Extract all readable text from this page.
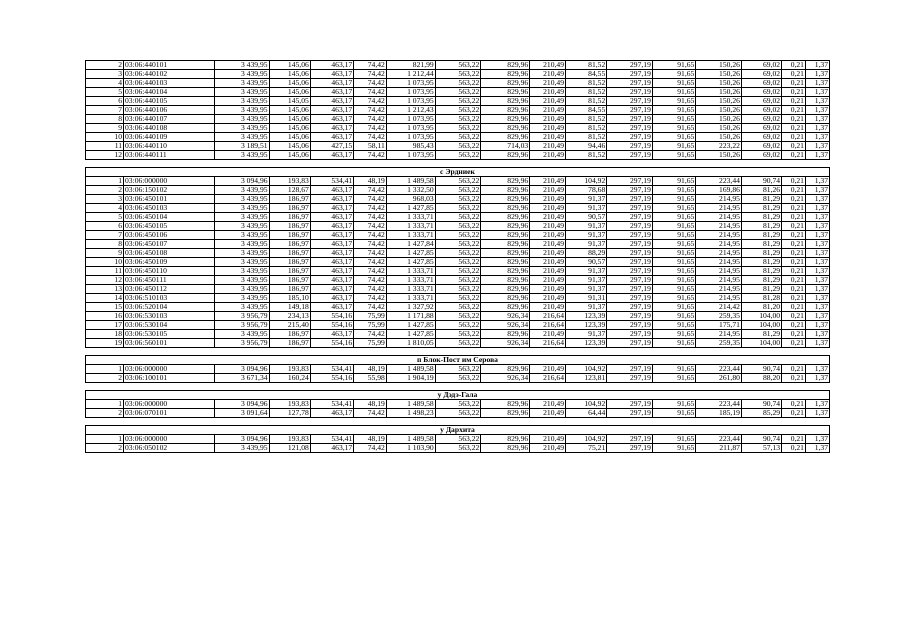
2	03:06:440101	3 439,95	145,06	463,17	74,42	821,99	563,22	829,96	210,49	81,52	297,19	91,65	150,26	69,02	0,21	1,37
3	03:06:440102	3 439,95	145,06	463,17	74,42	1 212,44	563,22	829,96	210,49	84,55	297,19	91,65	150,26	69,02	0,21	1,37
4	03:06:440103	3 439,95	145,06	463,17	74,42	1 073,95	563,22	829,96	210,49	81,52	297,19	91,65	150,26	69,02	0,21	1,37
5	03:06:440104	3 439,95	145,06	463,17	74,42	1 073,95	563,22	829,96	210,49	81,52	297,19	91,65	150,26	69,02	0,21	1,37
6	03:06:440105	3 439,95	145,05	463,17	74,42	1 073,95	563,22	829,96	210,49	81,52	297,19	91,65	150,26	69,02	0,21	1,37
7	03:06:440106	3 439,95	145,06	463,17	74,42	1 212,43	563,22	829,96	210,49	84,55	297,19	91,65	150,26	69,02	0,21	1,37
8	03:06:440107	3 439,95	145,06	463,17	74,42	1 073,95	563,22	829,96	210,49	81,52	297,19	91,65	150,26	69,02	0,21	1,37
9	03:06:440108	3 439,95	145,06	463,17	74,42	1 073,95	563,22	829,96	210,49	81,52	297,19	91,65	150,26	69,02	0,21	1,37
10	03:06:440109	3 439,95	145,06	463,17	74,42	1 073,95	563,22	829,96	210,49	81,52	297,19	91,65	150,26	69,02	0,21	1,37
11	03:06:440110	3 189,51	145,06	427,15	58,11	985,43	563,22	714,03	210,49	94,46	297,19	91,65	223,22	69,02	0,21	1,37
12	03:06:440111	3 439,95	145,06	463,17	74,42	1 073,95	563,22	829,96	210,49	81,52	297,19	91,65	150,26	69,02	0,21	1,37

с Эрдниек																
1	03:06:000000	3 094,96	193,83	534,41	48,19	1 489,58	563,22	829,96	210,49	104,92	297,19	91,65	223,44	90,74	0,21	1,37
2	03:06:150102	3 439,95	128,67	463,17	74,42	1 332,50	563,22	829,96	210,49	78,68	297,19	91,65	169,86	81,26	0,21	1,37
3	03:06:450101	3 439,95	186,97	463,17	74,42	968,03	563,22	829,96	210,49	91,37	297,19	91,65	214,95	81,29	0,21	1,37
4	03:06:450103	3 439,95	186,97	463,17	74,42	1 427,85	563,22	829,96	210,49	91,37	297,19	91,65	214,95	81,29	0,21	1,37
5	03:06:450104	3 439,95	186,97	463,17	74,42	1 333,71	563,22	829,96	210,49	90,57	297,19	91,65	214,95	81,29	0,21	1,37
6	03:06:450105	3 439,95	186,97	463,17	74,42	1 333,71	563,22	829,96	210,49	91,37	297,19	91,65	214,95	81,29	0,21	1,37
7	03:06:450106	3 439,95	186,97	463,17	74,42	1 333,71	563,22	829,96	210,49	91,37	297,19	91,65	214,95	81,29	0,21	1,37
8	03:06:450107	3 439,95	186,97	463,17	74,42	1 427,84	563,22	829,96	210,49	91,37	297,19	91,65	214,95	81,29	0,21	1,37
9	03:06:450108	3 439,95	186,97	463,17	74,42	1 427,85	563,22	829,96	210,49	88,29	297,19	91,65	214,95	81,29	0,21	1,37
10	03:06:450109	3 439,95	186,97	463,17	74,42	1 427,85	563,22	829,96	210,49	90,57	297,19	91,65	214,95	81,29	0,21	1,37
11	03:06:450110	3 439,95	186,97	463,17	74,42	1 333,71	563,22	829,96	210,49	91,37	297,19	91,65	214,95	81,29	0,21	1,37
12	03:06:450111	3 439,95	186,97	463,17	74,42	1 333,71	563,22	829,96	210,49	91,37	297,19	91,65	214,95	81,29	0,21	1,37
13	03:06:450112	3 439,95	186,97	463,17	74,42	1 333,71	563,22	829,96	210,49	91,37	297,19	91,65	214,95	81,29	0,21	1,37
14	03:06:510103	3 439,95	185,10	463,17	74,42	1 333,71	563,22	829,96	210,49	91,31	297,19	91,65	214,95	81,28	0,21	1,37
15	03:06:520104	3 439,95	149,18	463,17	74,42	1 327,92	563,22	829,96	210,49	91,37	297,19	91,65	214,42	81,20	0,21	1,37
16	03:06:530103	3 956,79	234,13	554,16	75,99	1 171,88	563,22	926,34	216,64	123,39	297,19	91,65	259,35	104,00	0,21	1,37
17	03:06:530104	3 956,79	215,40	554,16	75,99	1 427,85	563,22	926,34	216,64	123,39	297,19	91,65	175,71	104,00	0,21	1,37
18	03:06:530105	3 439,95	186,97	463,17	74,42	1 427,85	563,22	829,96	210,49	91,37	297,19	91,65	214,95	81,29	0,21	1,37
19	03:06:560101	3 956,79	186,97	554,16	75,99	1 810,05	563,22	926,34	216,64	123,39	297,19	91,65	259,35	104,00	0,21	1,37

п Блок-Пост им Серова																
1	03:06:000000	3 094,96	193,83	534,41	48,19	1 489,58	563,22	829,96	210,49	104,92	297,19	91,65	223,44	90,74	0,21	1,37
2	03:06:100101	3 671,34	160,24	554,16	55,98	1 904,19	563,22	926,34	216,64	123,81	297,19	91,65	261,80	88,20	0,21	1,37

у Дэдэ-Гала																
1	03:06:000000	3 094,96	193,83	534,41	48,19	1 489,58	563,22	829,96	210,49	104,92	297,19	91,65	223,44	90,74	0,21	1,37
2	03:06:070101	3 091,64	127,78	463,17	74,42	1 498,23	563,22	829,96	210,49	64,44	297,19	91,65	185,19	85,29	0,21	1,37

у Дархита																
1	03:06:000000	3 094,96	193,83	534,41	48,19	1 489,58	563,22	829,96	210,49	104,92	297,19	91,65	223,44	90,74	0,21	1,37
2	03:06:050102	3 439,95	121,08	463,17	74,42	1 103,90	563,22	829,96	210,49	75,21	297,19	91,65	211,87	57,13	0,21	1,37
